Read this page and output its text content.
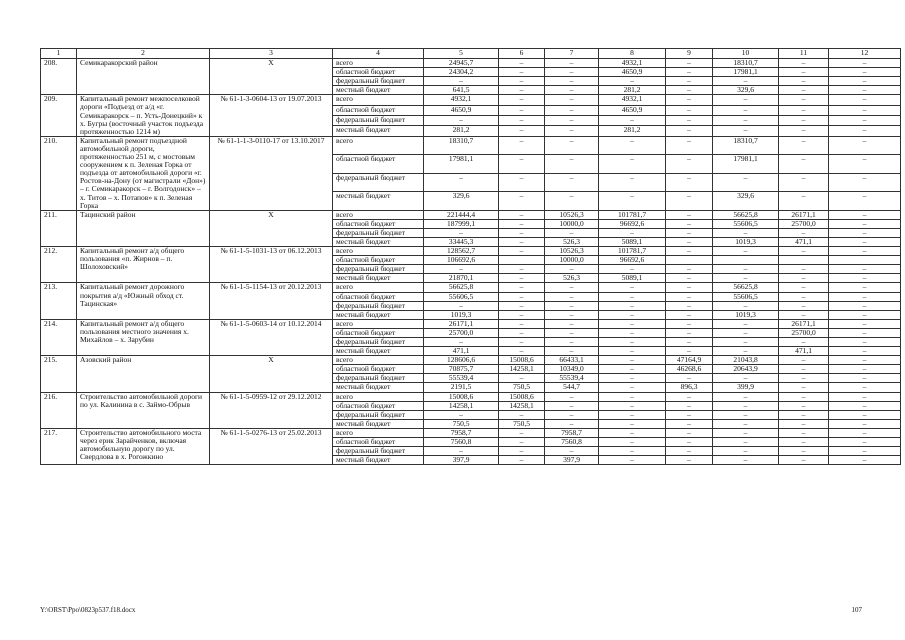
1	2	3	4	5	6	7	8	9	10	11	12
208.	Семикаракорский район	Х	всего	24945,7	–	–	4932,1	–	18310,7	–	–
			областной бюджет	24304,2	–	–	4650,9	–	17981,1	–	–
			федеральный бюджет	–	–	–	–	–	–	–	–
			местный бюджет	641,5	–	–	281,2	–	329,6	–	–
209.	Капитальный ремонт межпоселковой дороги «Подъезд от а/д «г. Семикаракорск – п. Усть-Донецкий» к х. Бугры (восточный участок подъезда протяженностью 1214 м)	№ 61-1-3-0604-13 от 19.07.2013	всего	4932,1	–	–	4932,1	–	–	–	–
			областной бюджет	4650,9	–	–	4650,9	–	–	–	–
			федеральный бюджет	–	–	–	–	–	–	–	–
			местный бюджет	281,2	–	–	281,2	–	–	–	–
210.	Капитальный ремонт подъездной автомобильной дороги, протяженностью 251 м, с мостовым сооружением к п. Зеленая Горка от подъезда от автомобильной дороги «г. Ростов-на-Дону (от магистрали «Дон») – г. Семикаракорск – г. Волгодонск» – х. Титов – х. Потапов» к п. Зеленая Горка	№ 61-1-1-3-0110-17 от 13.10.2017	всего	18310,7	–	–	–	–	18310,7	–	–
			областной бюджет	17981,1	–	–	–	–	17981,1	–	–
			федеральный бюджет	–	–	–	–	–	–	–	–
			местный бюджет	329,6	–	–	–	–	329,6	–	–
211.	Тацинский район	Х	всего	221444,4	–	10526,3	101781,7	–	56625,8	26171,1	–
			областной бюджет	187999,1	–	10000,0	96692,6	–	55606,5	25700,0	–
			федеральный бюджет	–	–	–	–	–	–	–	–
			местный бюджет	33445,3	–	526,3	5089,1	–	1019,3	471,1	–
212.	Капитальный ремонт а/д общего пользования «п. Жирнов – п. Шолоховский»	№ 61-1-5-1031-13 от 06.12.2013	всего	128562,7	–	10526,3	101781,7	–	–	–	–
			областной бюджет	106692,6		10000,0	96692,6				
			федеральный бюджет	–	–	–	–	–	–	–	–
			местный бюджет	21870,1	–	526,3	5089,1	–	–	–	–
213.	Капитальный ремонт дорожного покрытия а/д «Южный обход ст. Тацинская»	№ 61-1-5-1154-13 от 20.12.2013	всего	56625,8	–	–	–	–	56625,8	–	–
			областной бюджет	55606,5	–	–	–	–	55606,5	–	–
			федеральный бюджет	–	–	–	–	–	–	–	–
			местный бюджет	1019,3	–	–	–	–	1019,3	–	–
214.	Капитальный ремонт а/д общего пользования местного значения х. Михайлов – х. Зарубин	№ 61-1-5-0603-14 от 10.12.2014	всего	26171,1	–	–	–	–	–	26171,1	–
			областной бюджет	25700,0	–	–	–	–	–	25700,0	–
			федеральный бюджет	–	–	–	–	–	–	–	–
			местный бюджет	471,1	–	–	–	–	–	471,1	–
215.	Азовский район	Х	всего	128606,6	15008,6	66433,1	–	47164,9	21043,8	–	–
			областной бюджет	70875,7	14258,1	10349,0	–	46268,6	20643,9	–	–
			федеральный бюджет	55539,4	–	55539,4	–	–	–	–	–
			местный бюджет	2191,5	750,5	544,7	–	896,3	399,9	–	–
216.	Строительство автомобильной дороги по ул. Калинина в с. Займо-Обрыв	№ 61-1-5-0959-12 от 29.12.2012	всего	15008,6	15008,6	–	–	–	–	–	–
			областной бюджет	14258,1	14258,1	–	–	–	–	–	–
			федеральный бюджет	–	–	–	–	–	–	–	–
			местный бюджет	750,5	750,5	–	–	–	–	–	–
217.	Строительство автомобильного моста через ерик Зарайченков, включая автомобильную дорогу по ул. Свердлова в х. Рогожкино	№ 61-1-5-0276-13 от 25.02.2013	всего	7958,7	–	7958,7	–	–	–	–	–
			областной бюджет	7560,8	–	7560,8	–	–	–	–	–
			федеральный бюджет	–	–	–	–	–	–	–	–
			местный бюджет	397,9	–	397,9	–	–	–	–	–
Y:\ORST\Ppo\0823p537.f18.docx	107
